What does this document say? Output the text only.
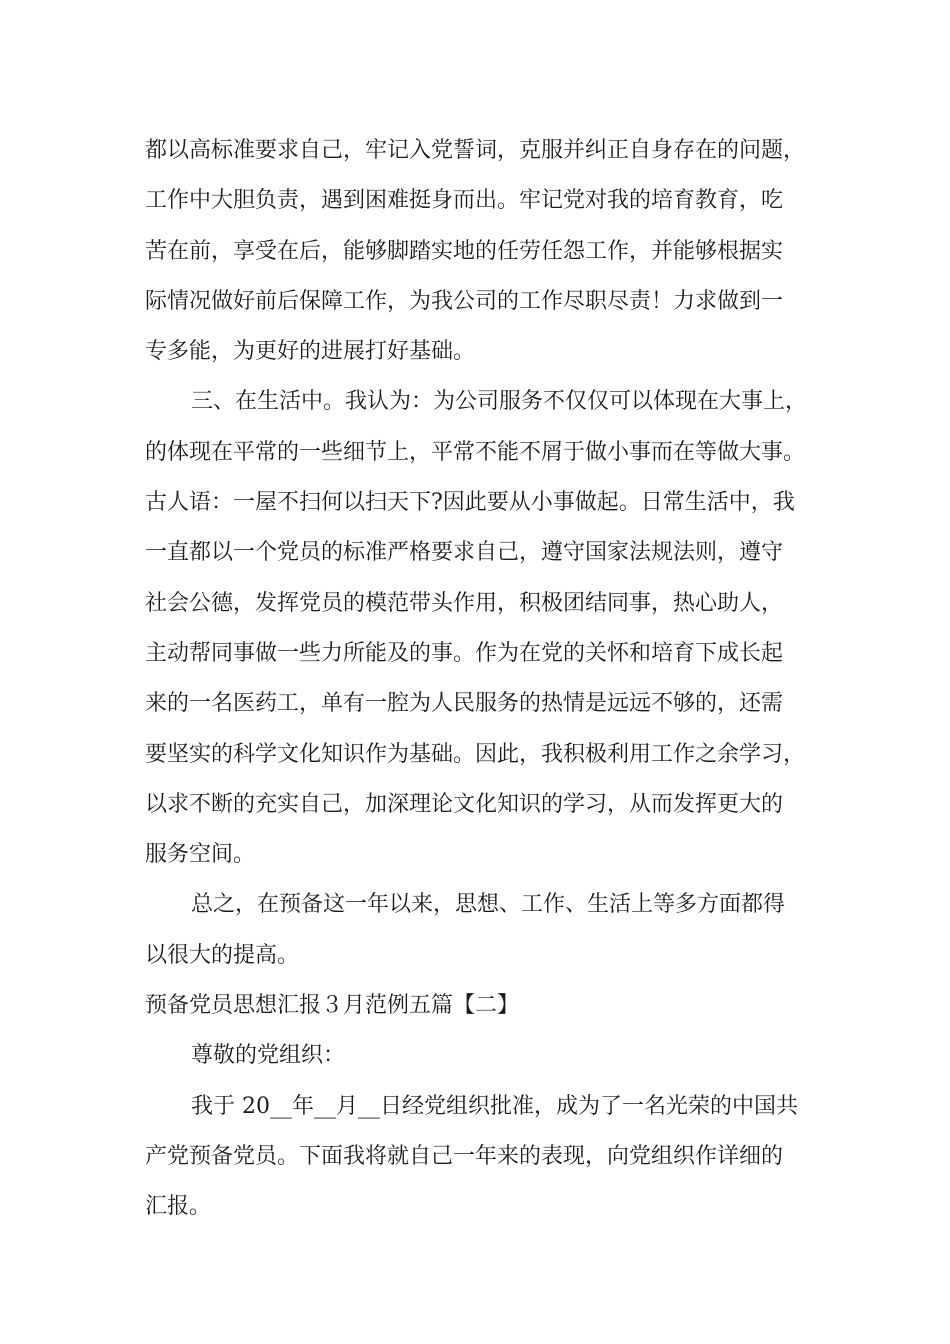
都以高标准要求自己，牢记入党誓词，克服并纠正自身存在的问题，
工作中大胆负责，遇到困难挺身而出。牢记党对我的培育教育，吃
苦在前，享受在后，能够脚踏实地的任劳任怨工作，并能够根据实
际情况做好前后保障工作，为我公司的工作尽职尽责！力求做到一
专多能，为更好的进展打好基础。
三、在生活中。我认为：为公司服务不仅仅可以体现在大事上，
的体现在平常的一些细节上，平常不能不屑于做小事而在等做大事。
古人语：一屋不扫何以扫天下?因此要从小事做起。日常生活中，我
一直都以一个党员的标准严格要求自己，遵守国家法规法则，遵守
社会公德，发挥党员的模范带头作用，积极团结同事，热心助人，
主动帮同事做一些力所能及的事。作为在党的关怀和培育下成长起
来的一名医药工，单有一腔为人民服务的热情是远远不够的，还需
要坚实的科学文化知识作为基础。因此，我积极利用工作之余学习，
以求不断的充实自己，加深理论文化知识的学习，从而发挥更大的
服务空间。
总之，在预备这一年以来，思想、工作、生活上等多方面都得
以很大的提高。
预备党员思想汇报３月范例五篇【二】
尊敬的党组织：
我于 20__年__月__日经党组织批准，成为了一名光荣的中国共
产党预备党员。下面我将就自己一年来的表现，向党组织作详细的
汇报。
